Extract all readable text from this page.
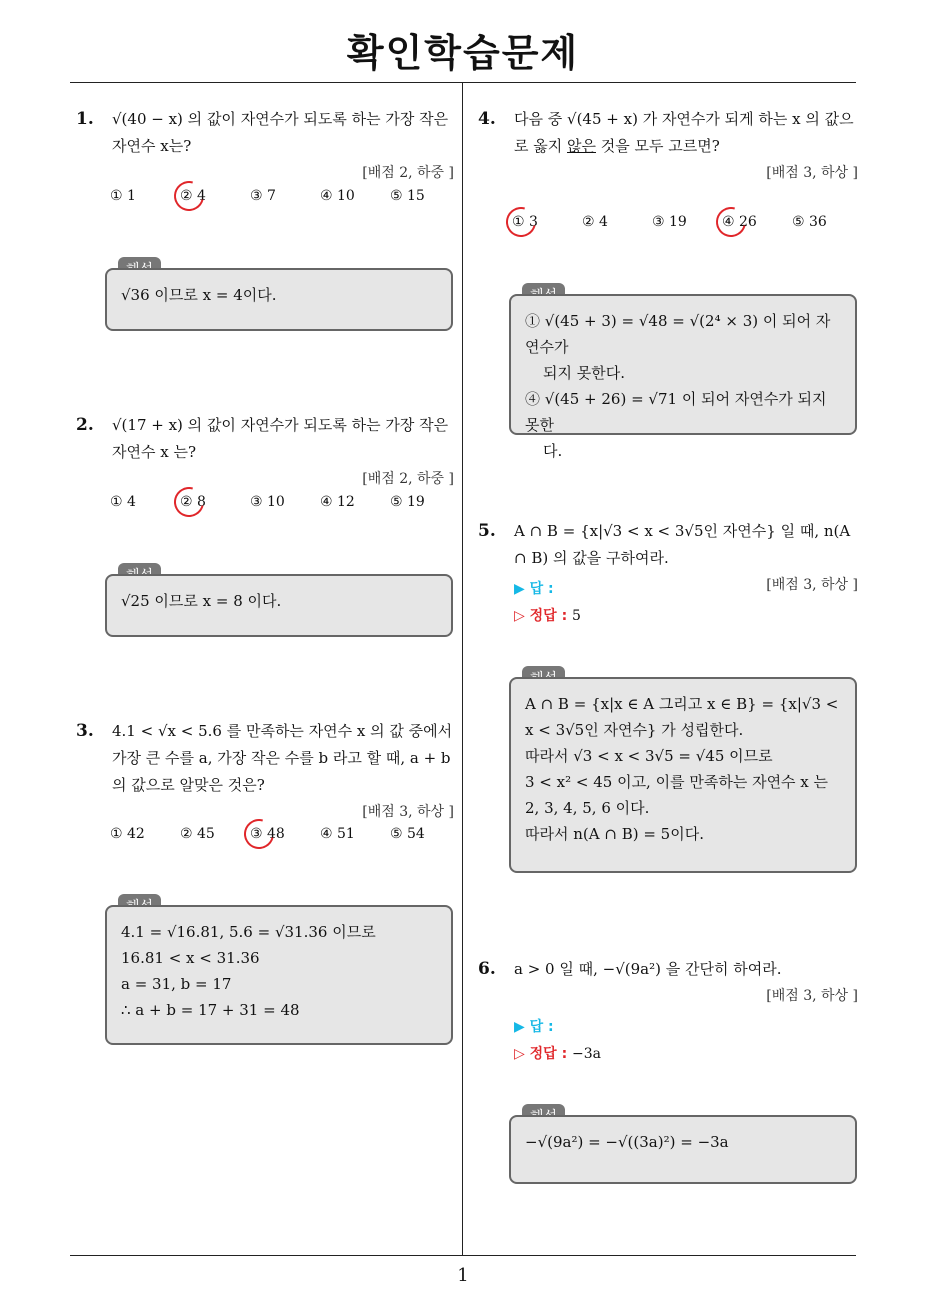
확인학습문제
1
1. √(40 − x) 의 값이 자연수가 되도록 하는 가장 작은 자연수 x는?
[배점 2, 하중 ]
① 1	② 4	③ 7	④ 10	⑤ 15
√36 이므로 x = 4이다.
2. √(17 + x) 의 값이 자연수가 되도록 하는 가장 작은 자연수 x 는?
[배점 2, 하중 ]
① 4	② 8	③ 10	④ 12	⑤ 19
√25 이므로 x = 8 이다.
3. 4.1 < √x < 5.6 를 만족하는 자연수 x 의 값 중에서 가장 큰 수를 a, 가장 작은 수를 b 라고 할 때, a + b 의 값으로 알맞은 것은?
[배점 3, 하상 ]
① 42	② 45	③ 48	④ 51	⑤ 54
4.1 = √16.81, 5.6 = √31.36 이므로
16.81 < x < 31.36
a = 31, b = 17
∴ a + b = 17 + 31 = 48
4. 다음 중 √(45 + x) 가 자연수가 되게 하는 x 의 값으로 옳지 않은 것을 모두 고르면?
[배점 3, 하상 ]
① 3	② 4	③ 19	④ 26	⑤ 36
① √(45 + 3) = √48 = √(2⁴ × 3) 이 되어 자연수가
되지 못한다.
④ √(45 + 26) = √71 이 되어 자연수가 되지 못한
다.
5. A ∩ B = {x|√3 < x < 3√5인 자연수} 일 때, n(A ∩ B) 의 값을 구하여라.
[배점 3, 하상 ]
▶ 답 :
▷ 정답 : 5
A ∩ B = {x|x ∈ A 그리고 x ∈ B} = {x|√3 <
x < 3√5인 자연수} 가 성립한다.
따라서 √3 < x < 3√5 = √45 이므로
3 < x² < 45 이고, 이를 만족하는 자연수 x 는
2, 3, 4, 5, 6 이다.
따라서 n(A ∩ B) = 5이다.
6. a > 0 일 때, −√(9a²) 을 간단히 하여라.
[배점 3, 하상 ]
▶ 답 :
▷ 정답 : −3a
−√(9a²) = −√((3a)²) = −3a
